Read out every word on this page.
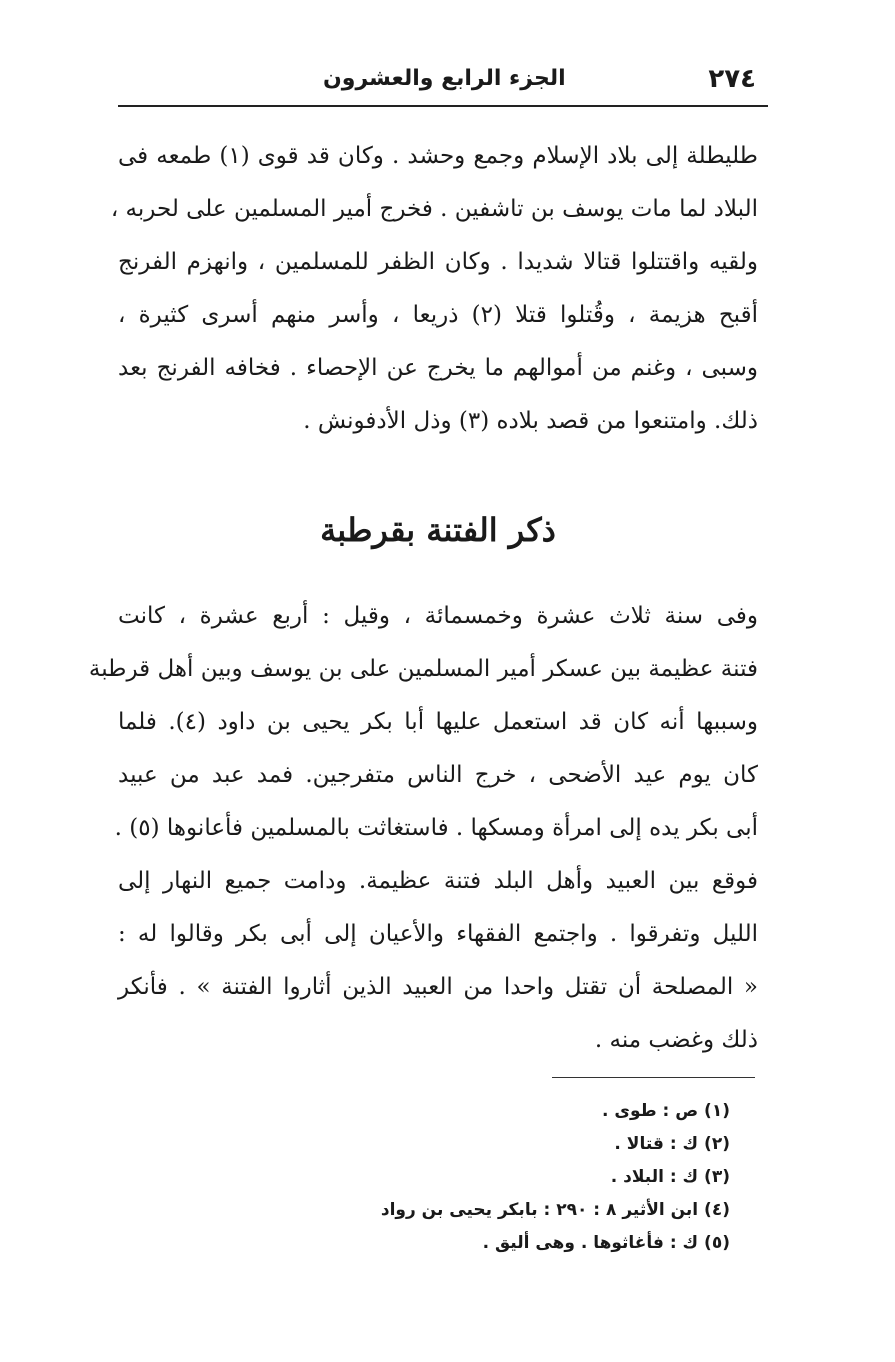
٢٧٤
الجزء الرابع والعشرون
طليطلة إلى بلاد الإسلام وجمع وحشد . وكان قد قوى (١) طمعه فى
البلاد لما مات يوسف بن تاشفين . فخرج أمير المسلمين على لحربه ،
ولقيه واقتتلوا قتالا شديدا . وكان الظفر للمسلمين ، وانهزم الفرنج
أقبح هزيمة ، وقُتلوا قتلا (٢) ذريعا ، وأسر منهم أسرى كثيرة ،
وسبى ، وغنم من أموالهم ما يخرج عن الإحصاء . فخافه الفرنج بعد
ذلك. وامتنعوا من قصد بلاده (٣) وذل الأدفونش .
ذكر الفتنة بقرطبة
وفى سنة ثلاث عشرة وخمسمائة ، وقيل : أربع عشرة ، كانت
فتنة عظيمة بين عسكر أمير المسلمين على بن يوسف وبين أهل قرطبة
وسببها أنه كان قد استعمل عليها أبا بكر يحيى بن داود (٤). فلما
كان يوم عيد الأضحى ، خرج الناس متفرجين. فمد عبد من عبيد
أبى بكر يده إلى امرأة ومسكها . فاستغاثت بالمسلمين فأعانوها (٥) .
فوقع بين العبيد وأهل البلد فتنة عظيمة. ودامت جميع النهار إلى
الليل وتفرقوا . واجتمع الفقهاء والأعيان إلى أبى بكر وقالوا له :
« المصلحة أن تقتل واحدا من العبيد الذين أثاروا الفتنة » . فأنكر
ذلك وغضب منه .
(١) ص : طوى .
(٢) ك : قتالا .
(٣) ك : البلاد .
(٤) ابن الأثير ٨ : ٢٩٠ : بابكر يحيى بن رواد
(٥) ك : فأغاثوها . وهى أليق .
